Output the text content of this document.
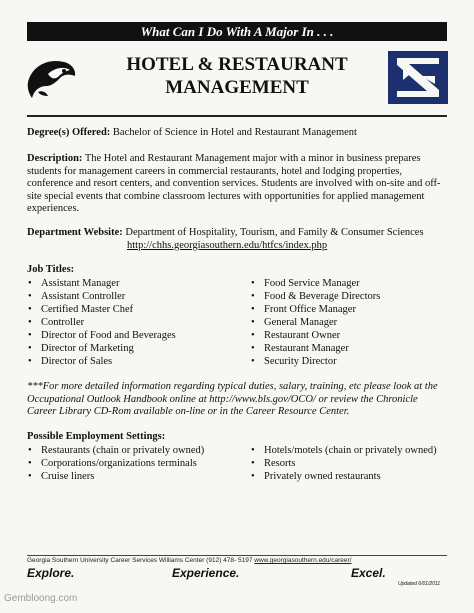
What Can I Do With A Major In . . .
HOTEL & RESTAURANT
MANAGEMENT
Degree(s) Offered: Bachelor of Science in Hotel and Restaurant Management
Description: The Hotel and Restaurant Management major with a minor in business prepares students for management careers in commercial restaurants, hotel and lodging properties, conference and resort centers, and convention services. Students are involved with on-site and off-site special events that combine classroom lectures with opportunities for applied management experiences.
Department Website: Department of Hospitality, Tourism, and Family & Consumer Sciences
http://chhs.georgiasouthern.edu/htfcs/index.php
Job Titles:
• Assistant Manager
• Assistant Controller
• Certified Master Chef
• Controller
• Director of Food and Beverages
• Director of Marketing
• Director of Sales
• Food Service Manager
• Food & Beverage Directors
• Front Office Manager
• General Manager
• Restaurant Owner
• Restaurant Manager
• Security Director
***For more detailed information regarding typical duties, salary, training, etc please look at the Occupational Outlook Handbook online at http://www.bls.gov/OCO/ or review the Chronicle Career Library CD-Rom available on-line or in the Career Resource Center.
Possible Employment Settings:
• Restaurants (chain or privately owned)
• Corporations/organizations terminals
• Cruise liners
• Hotels/motels (chain or privately owned)
• Resorts
• Privately owned restaurants
Georgia Southern University Career Services Williams Center (912) 478- 5197 www.georgiasouthern.edu/career/
Explore.	Experience.	Excel.
Updated 6/01/2011
Gembloong.com
